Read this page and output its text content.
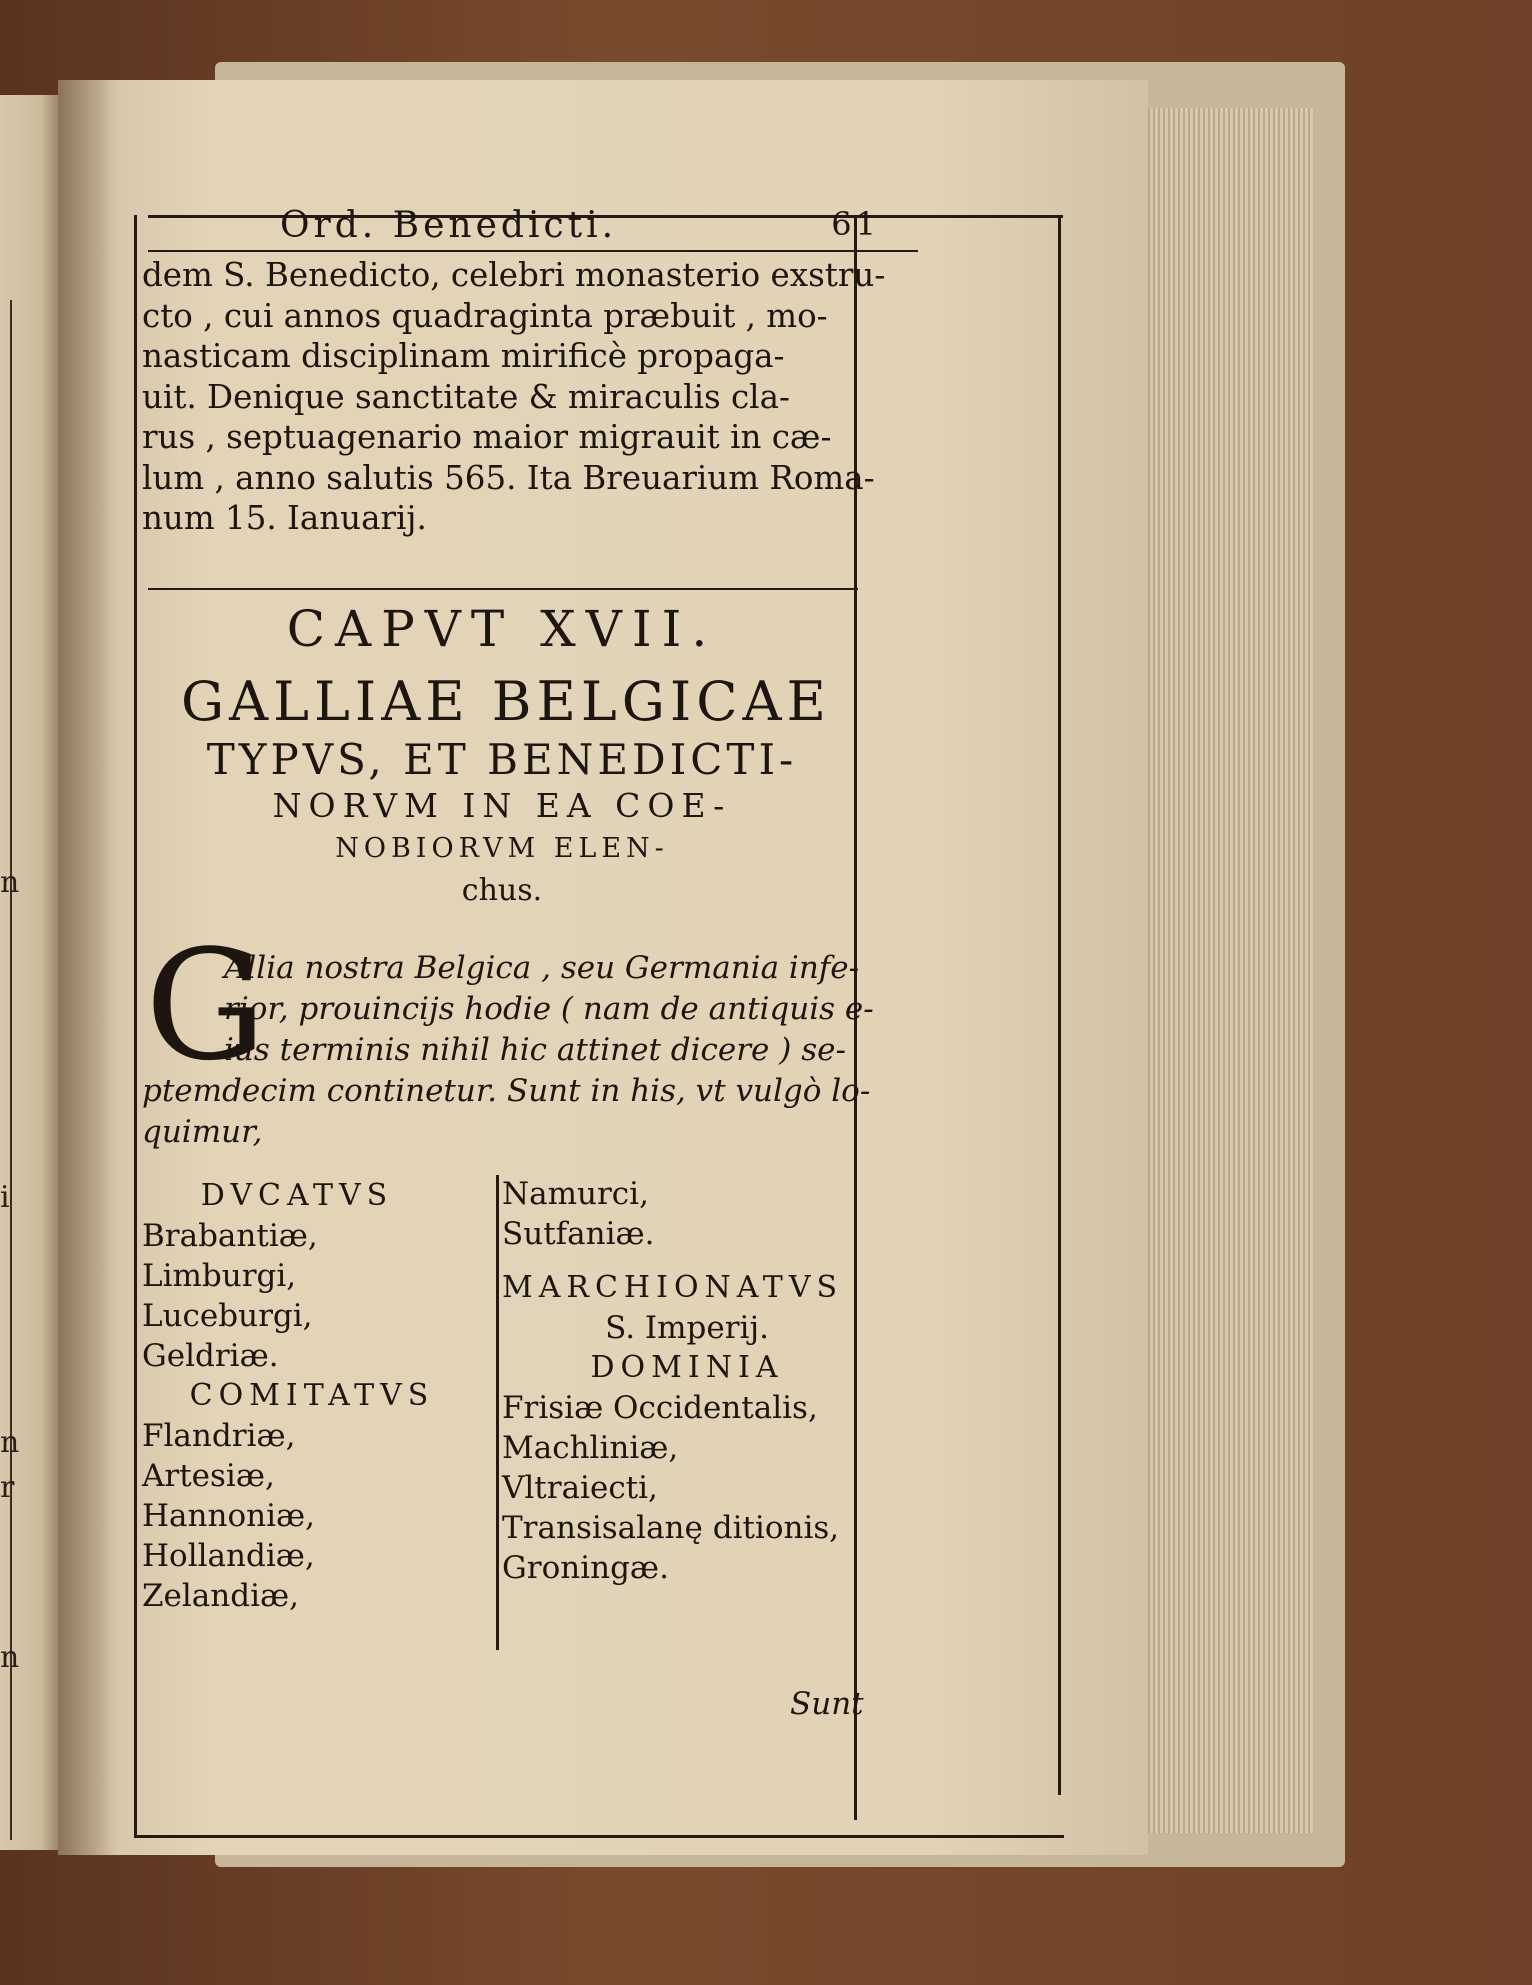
n
i
r
n
n
Ord. Benedicti.	61
dem S. Benedicto, celebri monasterio exstru-
cto , cui annos quadraginta præbuit , mo-
nasticam disciplinam mirificè propaga-
uit. Denique sanctitate & miraculis cla-
rus , septuagenario maior migrauit in cæ-
lum , anno salutis 565. Ita Breuarium Roma-
num 15. Ianuarij.
CAPVT XVII.
GALLIAE BELGICAE
TYPVS, ET BENEDICTI-
NORVM IN EA COE-
NOBIORVM ELEN-
chus.
G
Allia nostra Belgica , seu Germania infe-
rior, prouincijs hodie ( nam de antiquis e-
ius terminis nihil hic attinet dicere ) se-
ptemdecim continetur. Sunt in his, vt vulgò lo-
quimur,
DVCATVS
Brabantiæ,
Limburgi,
Luceburgi,
Geldriæ.
COMITATVS
Flandriæ,
Artesiæ,
Hannoniæ,
Hollandiæ,
Zelandiæ,
Namurci,
Sutfaniæ.
MARCHIONATVS
S. Imperij.
DOMINIA
Frisiæ Occidentalis,
Machliniæ,
Vltraiecti,
Transisalanę ditionis,
Groningæ.
Sunt
